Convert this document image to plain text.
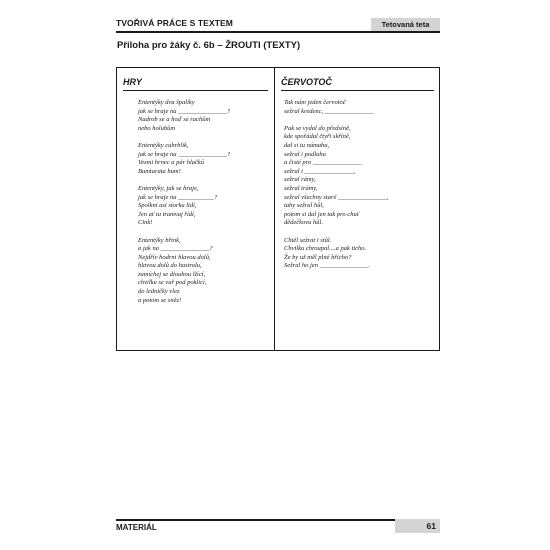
TVOŘIVÁ PRÁCE S TEXTEM	Tetovaná teta
Příloha pro žáky č. 6b – ŽROUTI (TEXTY)
HRY
Ententýky dva špalíky
jak se hraje na _______________?
Nadrob se a hoď se rachům
nebo holubům
Ententýky cuhrblik,
jak se hraje na _______________?
Vezmi hrnec a pár hlačků
Bumtarata bum!
Ententýky, jak se hraje,
jak se hraje na ___________?
Spolkni asi storku lidí,
Jen ať tu tramvaj řídí,
Cink!
Ententýky břink,
a jak na _______________?
Nejdřív hodrni hlavou dolů,
hlavou dolů do hastrolu,
zamíchej se dlouhou lžící,
chvilku se vař pod poklicí,
do ledničky vlez
a potom se sněz!
ČERVOTOČ
Tak nám jeden červotoč
sežral kredenc, _______________
Pak se vydal do předsíně,
kde spořádal čtyři skříně,
dal si tu námahu,
sežral i podlahu
a čisté pro _______________
sežral i _______________,
sežral rámy,
sežral trámy,
sežral všechny staré _______________,
tahy sežral hůl,
potom si dal jen tak pro chuť
dědečkovu hůl.
Chtěl sežrat i stůl.
Chvilku chroupal....a pak ticho.
Že by už měl plné břicho?
Sežral ho jen _______________.
MATERIÁL	61
